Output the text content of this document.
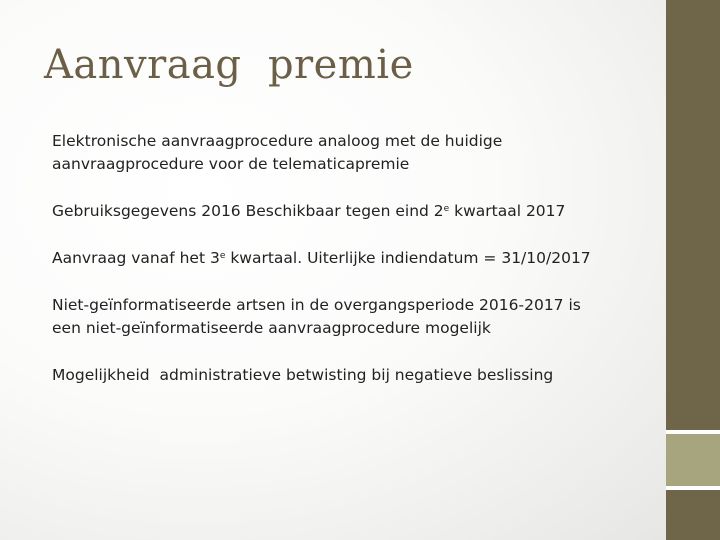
Aanvraag  premie
Elektronische aanvraagprocedure analoog met de huidige
aanvraagprocedure voor de telematicapremie
Gebruiksgegevens 2016 Beschikbaar tegen eind 2e kwartaal 2017
Aanvraag vanaf het 3e kwartaal. Uiterlijke indiendatum = 31/10/2017
Niet-geïnformatiseerde artsen in de overgangsperiode 2016-2017 is
een niet-geïnformatiseerde aanvraagprocedure mogelijk
Mogelijkheid  administratieve betwisting bij negatieve beslissing
